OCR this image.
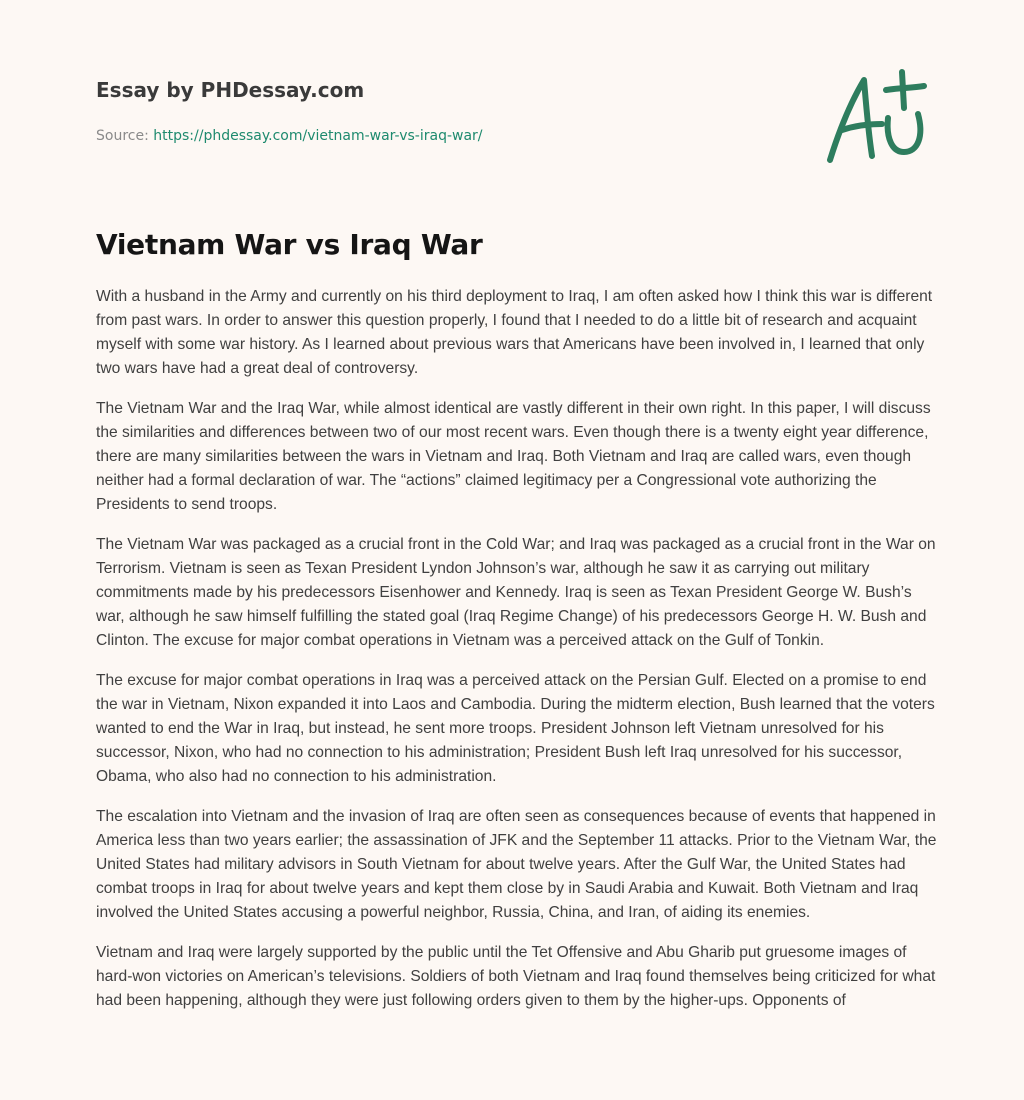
Essay by PHDessay.com
Source: https://phdessay.com/vietnam-war-vs-iraq-war/
Vietnam War vs Iraq War

With a husband in the Army and currently on his third deployment to Iraq, I am often asked how I think this war is different from past wars. In order to answer this question properly, I found that I needed to do a little bit of research and acquaint myself with some war history. As I learned about previous wars that Americans have been involved in, I learned that only two wars have had a great deal of controversy.

The Vietnam War and the Iraq War, while almost identical are vastly different in their own right. In this paper, I will discuss the similarities and differences between two of our most recent wars. Even though there is a twenty eight year difference, there are many similarities between the wars in Vietnam and Iraq. Both Vietnam and Iraq are called wars, even though neither had a formal declaration of war. The “actions” claimed legitimacy per a Congressional vote authorizing the Presidents to send troops.

The Vietnam War was packaged as a crucial front in the Cold War; and Iraq was packaged as a crucial front in the War on Terrorism. Vietnam is seen as Texan President Lyndon Johnson’s war, although he saw it as carrying out military commitments made by his predecessors Eisenhower and Kennedy. Iraq is seen as Texan President George W. Bush’s war, although he saw himself fulfilling the stated goal (Iraq Regime Change) of his predecessors George H. W. Bush and Clinton. The excuse for major combat operations in Vietnam was a perceived attack on the Gulf of Tonkin.

The excuse for major combat operations in Iraq was a perceived attack on the Persian Gulf. Elected on a promise to end the war in Vietnam, Nixon expanded it into Laos and Cambodia. During the midterm election, Bush learned that the voters wanted to end the War in Iraq, but instead, he sent more troops. President Johnson left Vietnam unresolved for his successor, Nixon, who had no connection to his administration; President Bush left Iraq unresolved for his successor, Obama, who also had no connection to his administration.

The escalation into Vietnam and the invasion of Iraq are often seen as consequences because of events that happened in America less than two years earlier; the assassination of JFK and the September 11 attacks. Prior to the Vietnam War, the United States had military advisors in South Vietnam for about twelve years. After the Gulf War, the United States had combat troops in Iraq for about twelve years and kept them close by in Saudi Arabia and Kuwait. Both Vietnam and Iraq involved the United States accusing a powerful neighbor, Russia, China, and Iran, of aiding its enemies.

Vietnam and Iraq were largely supported by the public until the Tet Offensive and Abu Gharib put gruesome images of hard-won victories on American’s televisions. Soldiers of both Vietnam and Iraq found themselves being criticized for what had been happening, although they were just following orders given to them by the higher-ups. Opponents of
